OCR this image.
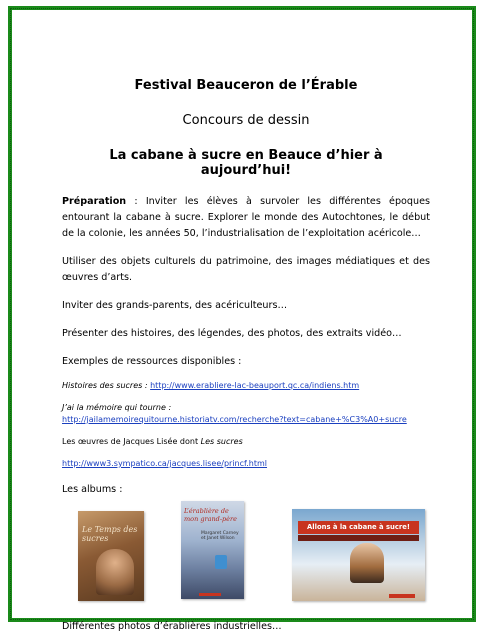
Festival Beauceron de l’Érable

Concours de dessin

La cabane à sucre en Beauce d’hier à aujourd’hui!

Préparation : Inviter les élèves à survoler les différentes époques entourant la cabane à sucre. Explorer le monde des Autochtones, le début de la colonie, les années 50, l’industrialisation de l’exploitation acéricole…

Utiliser des objets culturels du patrimoine, des images médiatiques et des œuvres d’arts.

Inviter des grands-parents, des acériculteurs…

Présenter des histoires, des légendes, des photos, des extraits vidéo…

Exemples de ressources disponibles :

Histoires des sucres : http://www.erabliere-lac-beauport.qc.ca/indiens.htm

J’ai la mémoire qui tourne :
http://jailamemoirequitourne.historiatv.com/recherche?text=cabane+%C3%A0+sucre

Les œuvres de Jacques Lisée dont Les sucres

http://www3.sympatico.ca/jacques.lisee/princf.html

Les albums :

Le Temps des sucres
L’érablière de mon grand-père
Margaret Carney et Janet Wilson
Allons à la cabane à sucre!

Différentes photos d’érablières industrielles…
